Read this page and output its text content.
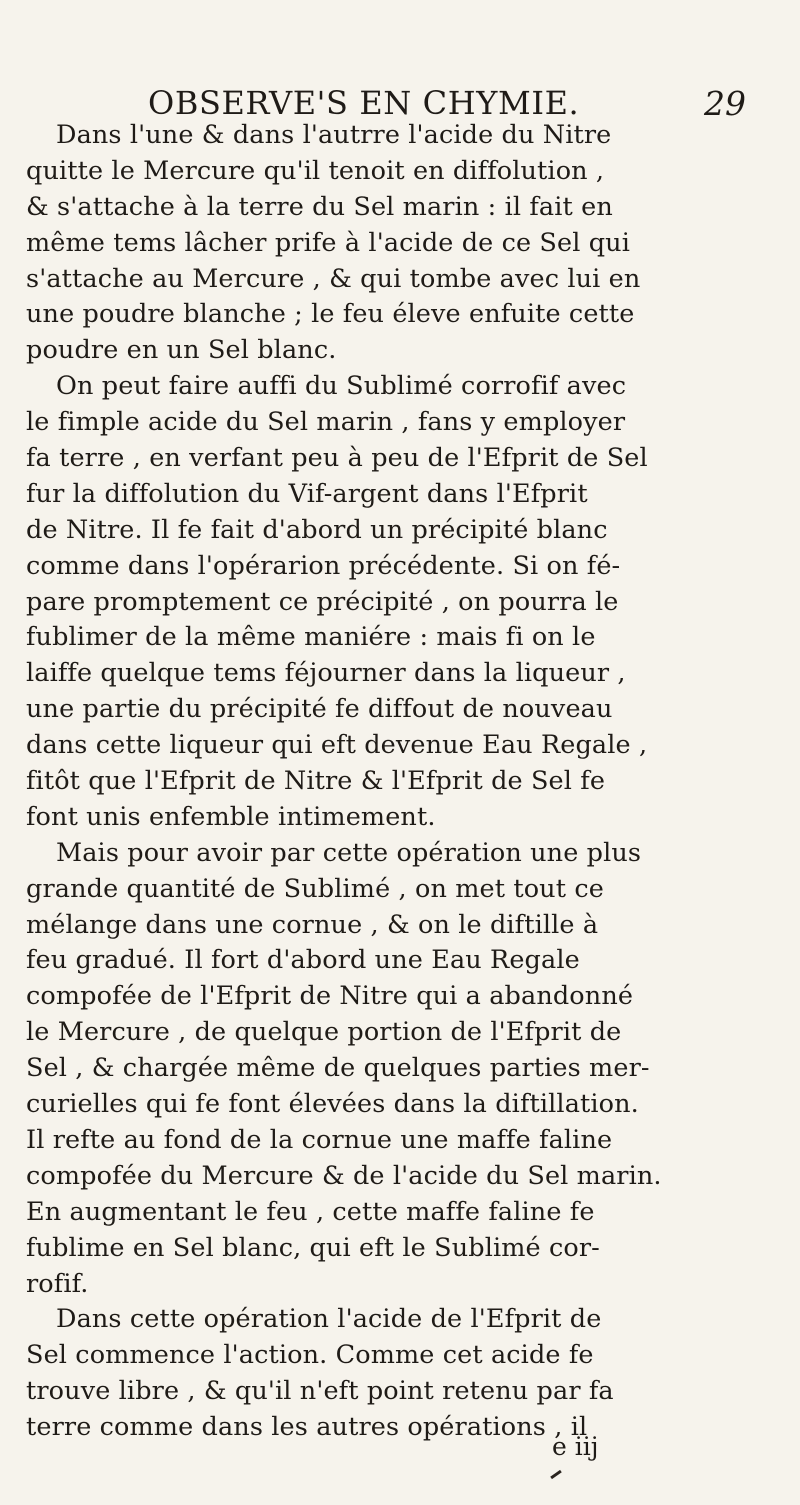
OBSERVE'S EN CHYMIE.	29
Dans l'une & dans l'autrre l'acide du Nitre
quitte le Mercure qu'il tenoit en diffolution ,
& s'attache à la terre du Sel marin : il fait en
même tems lâcher prife à l'acide de ce Sel qui
s'attache au Mercure , & qui tombe avec lui en
une poudre blanche ; le feu éleve enfuite cette
poudre en un Sel blanc.
On peut faire auffi du Sublimé corrofif avec
le fimple acide du Sel marin , fans y employer
fa terre , en verfant peu à peu de l'Efprit de Sel
fur la diffolution du Vif-argent dans l'Efprit
de Nitre. Il fe fait d'abord un précipité blanc
comme dans l'opérarion précédente. Si on fé-
pare promptement ce précipité , on pourra le
fublimer de la même maniére : mais fi on le
laiffe quelque tems féjourner dans la liqueur ,
une partie du précipité fe diffout de nouveau
dans cette liqueur qui eft devenue Eau Regale ,
fitôt que l'Efprit de Nitre & l'Efprit de Sel fe
font unis enfemble intimement.
Mais pour avoir par cette opération une plus
grande quantité de Sublimé , on met tout ce
mélange dans une cornue , & on le diftille à
feu gradué. Il fort d'abord une Eau Regale
compofée de l'Efprit de Nitre qui a abandonné
le Mercure , de quelque portion de l'Efprit de
Sel , & chargée même de quelques parties mer-
curielles qui fe font élevées dans la diftillation.
Il refte au fond de la cornue une maffe faline
compofée du Mercure & de l'acide du Sel marin.
En augmentant le feu , cette maffe faline fe
fublime en Sel blanc, qui eft le Sublimé cor-
rofif.
Dans cette opération l'acide de l'Efprit de
Sel commence l'action. Comme cet acide fe
trouve libre , & qu'il n'eft point retenu par fa
terre comme dans les autres opérations , il
e iij
